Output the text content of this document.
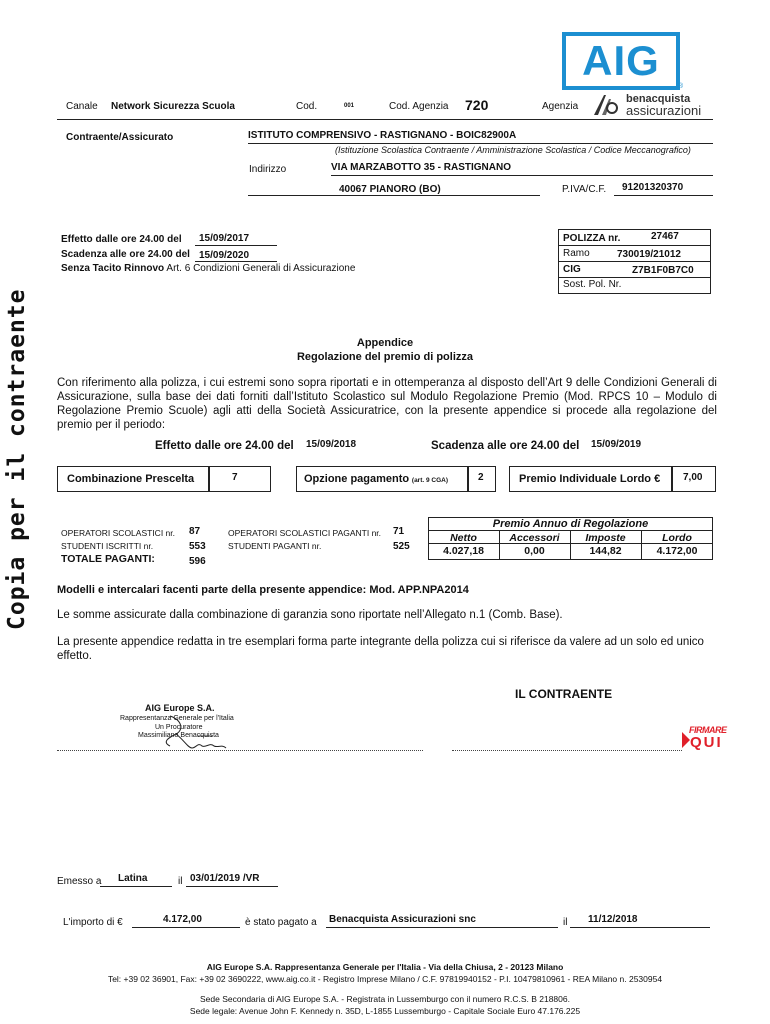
Copia per il contraente
AIG
®
Canale Network Sicurezza Scuola	Cod.	001	Cod. Agenzia 720	Agenzia
benacquista
assicurazioni
Contraente/Assicurato	ISTITUTO COMPRENSIVO - RASTIGNANO - BOIC82900A
(Istituzione Scolastica Contraente / Amministrazione Scolastica / Codice Meccanografico)
Indirizzo	VIA MARZABOTTO 35 - RASTIGNANO
40067 PIANORO (BO)	P.IVA/C.F. 91201320370
Effetto dalle ore 24.00 del 15/09/2017
Scadenza alle ore 24.00 del 15/09/2020
Senza Tacito Rinnovo Art. 6 Condizioni Generali di Assicurazione
POLIZZA nr.	27467
Ramo	730019/21012
CIG	Z7B1F0B7C0
Sost. Pol. Nr.
Appendice
Regolazione del premio di polizza
Con riferimento alla polizza, i cui estremi sono sopra riportati e in ottemperanza al disposto dell’Art 9 delle Condizioni Generali di Assicurazione, sulla base dei dati forniti dall’Istituto Scolastico sul Modulo Regolazione Premio (Mod. RPCS 10 – Modulo di Regolazione Premio Scuole) agli atti della Società Assicuratrice, con la presente appendice si procede alla regolazione del premio per il periodo:
Effetto dalle ore 24.00 del 15/09/2018	Scadenza alle ore 24.00 del 15/09/2019
Combinazione Prescelta	7	Opzione pagamento (art. 9 CGA)	2	Premio Individuale Lordo € 7,00
OPERATORI SCOLASTICI nr. 87
STUDENTI ISCRITTI nr.	553
TOTALE PAGANTI:	596
OPERATORI SCOLASTICI PAGANTI nr. 71
STUDENTI PAGANTI nr.	525
Premio Annuo di Regolazione
Netto	Accessori	Imposte	Lordo
4.027,18	0,00	144,82	4.172,00
Modelli e intercalari facenti parte della presente appendice: Mod. APP.NPA2014
Le somme assicurate dalla combinazione di garanzia sono riportate nell’Allegato n.1 (Comb. Base).
La presente appendice redatta in tre esemplari forma parte integrante della polizza cui si riferisce da valere ad un solo ed unico effetto.
IL CONTRAENTE
AIG Europe S.A.
Rappresentanza Generale per l'Italia
Un Procuratore
Massimiliano Benacquista
FIRMARE
QUI
Emesso a Latina	il 03/01/2019 /VR
L'importo di €	4.172,00	è stato pagato a Benacquista Assicurazioni snc	il 11/12/2018
AIG Europe S.A. Rappresentanza Generale per l'Italia - Via della Chiusa, 2 - 20123 Milano
Tel: +39 02 36901, Fax: +39 02 3690222, www.aig.co.it - Registro Imprese Milano / C.F. 97819940152 - P.I. 10479810961 - REA Milano n. 2530954
Sede Secondaria di AIG Europe S.A. - Registrata in Lussemburgo con il numero R.C.S. B 218806.
Sede legale: Avenue John F. Kennedy n. 35D, L-1855 Lussemburgo - Capitale Sociale Euro 47.176.225
